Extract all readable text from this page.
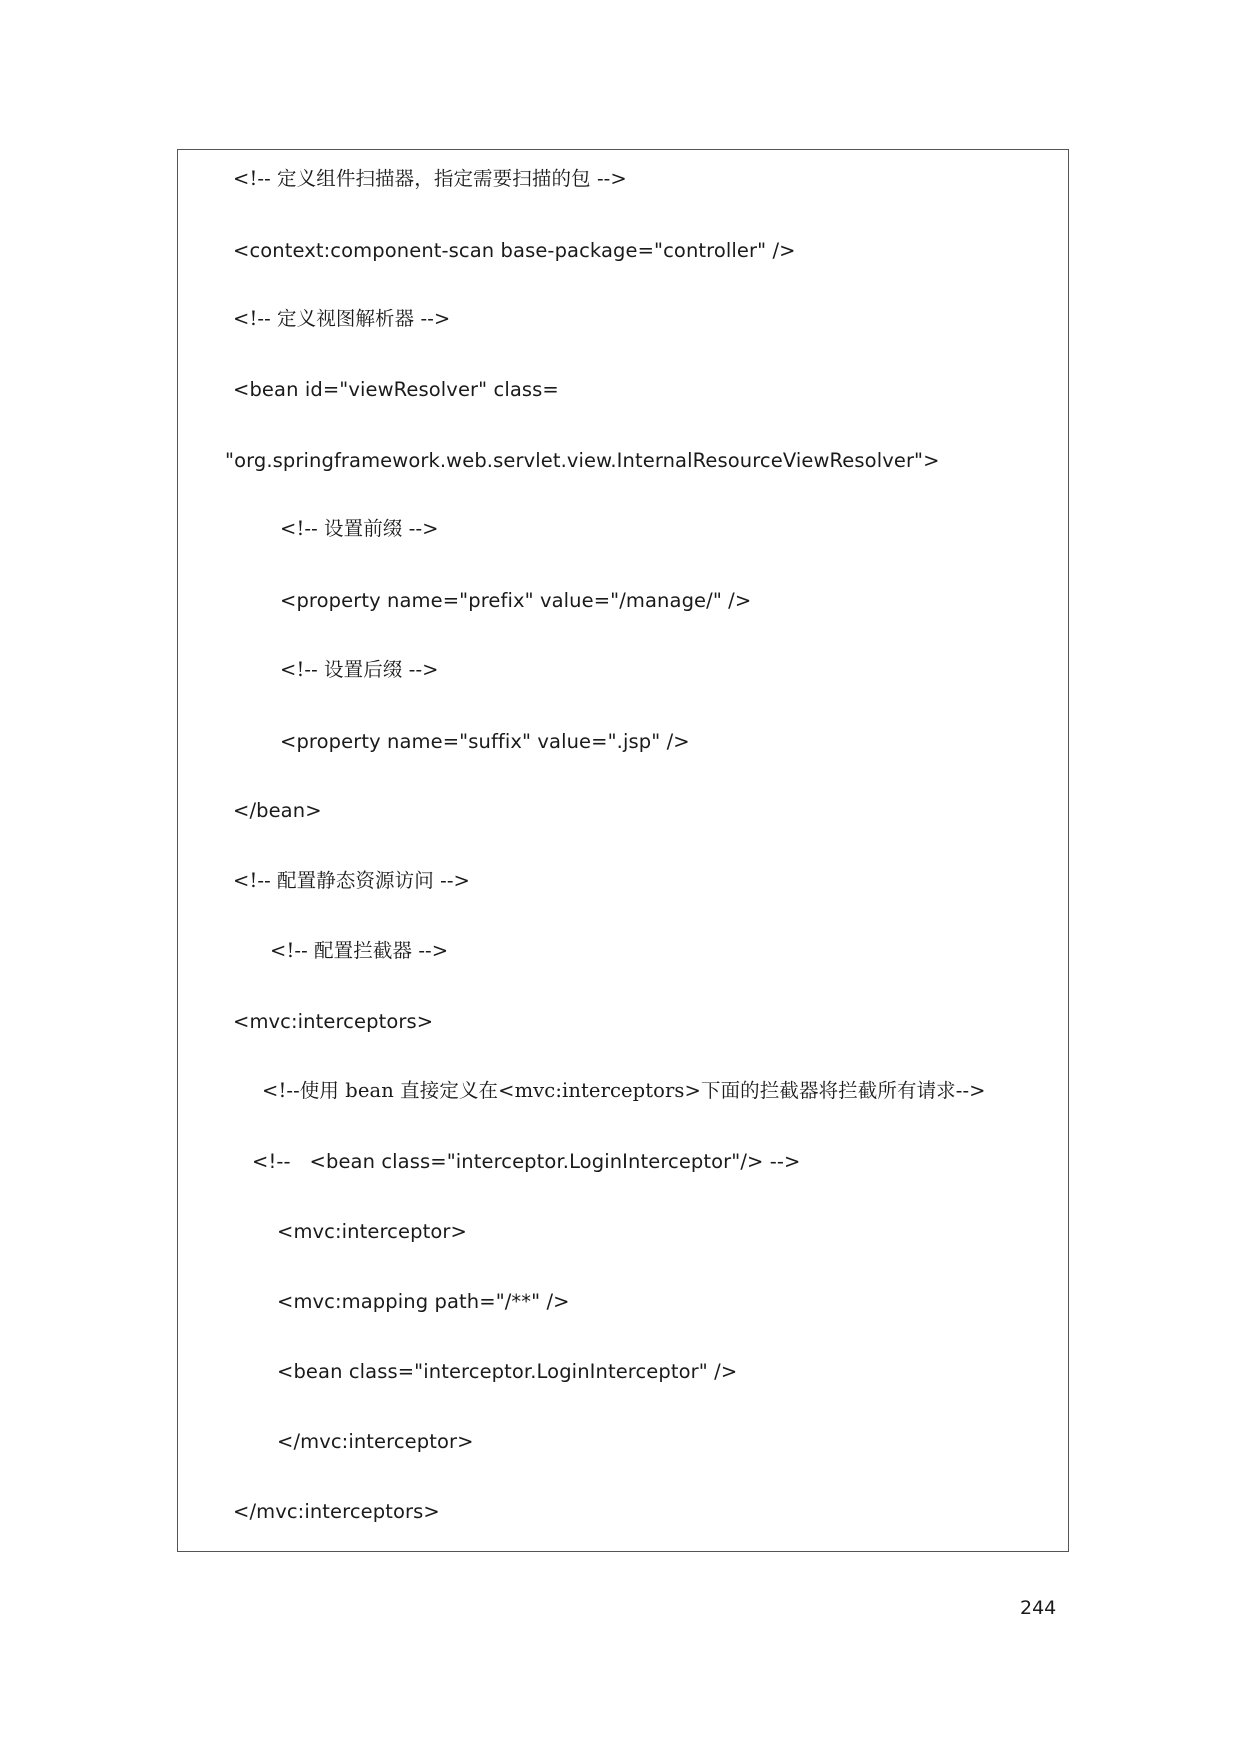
<!-- 定义组件扫描器，指定需要扫描的包 -->
<context:component-scan base-package="controller" />
<!-- 定义视图解析器 -->
<bean id="viewResolver" class=
"org.springframework.web.servlet.view.InternalResourceViewResolver">
<!-- 设置前缀 -->
<property name="prefix" value="/manage/" />
<!-- 设置后缀 -->
<property name="suffix" value=".jsp" />
</bean>
<!-- 配置静态资源访问 -->
<!-- 配置拦截器 -->
<mvc:interceptors>
<!--使用 bean 直接定义在<mvc:interceptors>下面的拦截器将拦截所有请求-->
<!--   <bean class="interceptor.LoginInterceptor"/> -->
<mvc:interceptor>
<mvc:mapping path="/**" />
<bean class="interceptor.LoginInterceptor" />
</mvc:interceptor>
</mvc:interceptors>
244
